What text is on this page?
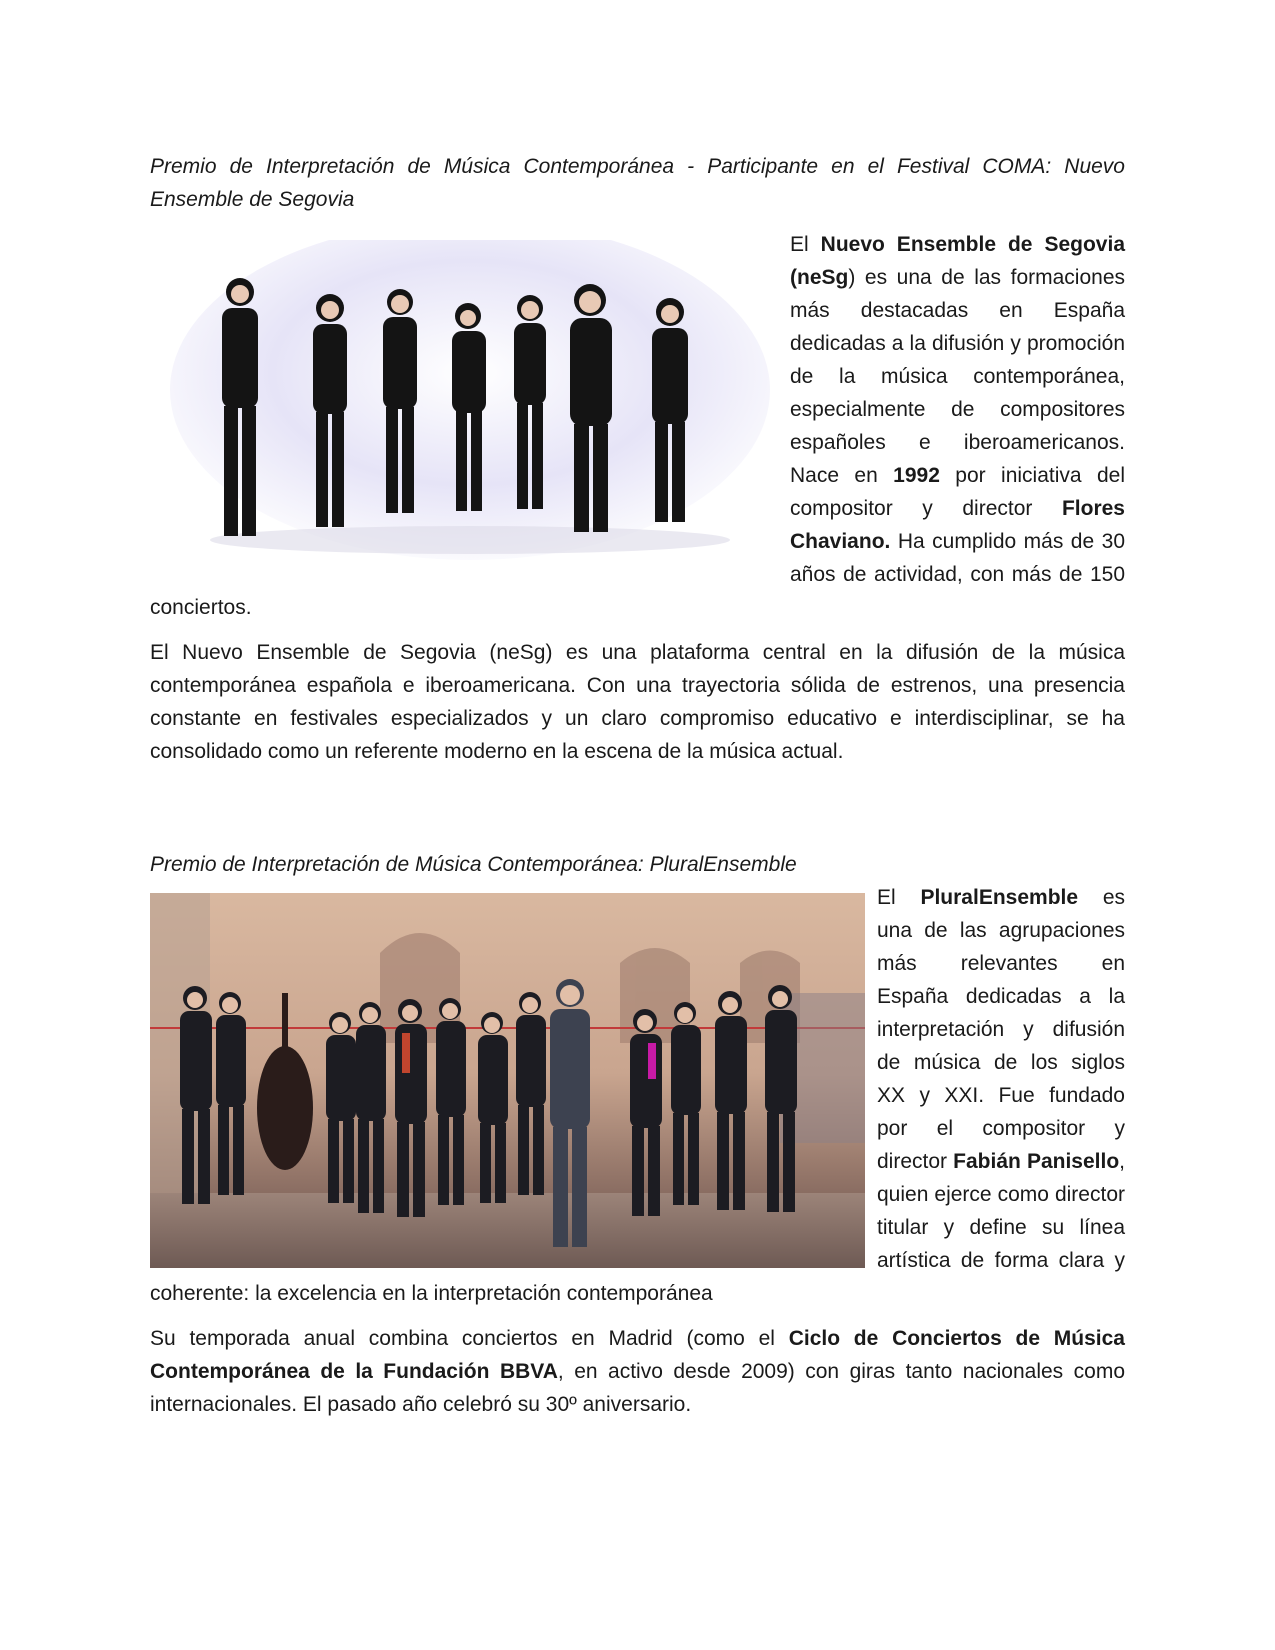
Premio de Interpretación de Música Contemporánea - Participante en el Festival COMA: Nuevo Ensemble de Segovia

El Nuevo Ensemble de Segovia (neSg) es una de las formaciones más destacadas en España dedicadas a la difusión y promoción de la música contemporánea, especialmente de compositores españoles e iberoamericanos. Nace en 1992 por iniciativa del compositor y director Flores Chaviano. Ha cumplido más de 30 años de actividad, con más de 150 conciertos.

El Nuevo Ensemble de Segovia (neSg) es una plataforma central en la difusión de la música contemporánea española e iberoamericana. Con una trayectoria sólida de estrenos, una presencia constante en festivales especializados y un claro compromiso educativo e interdisciplinar, se ha consolidado como un referente moderno en la escena de la música actual.

Premio de Interpretación de Música Contemporánea: PluralEnsemble

El PluralEnsemble es una de las agrupaciones más relevantes en España dedicadas a la interpretación y difusión de música de los siglos XX y XXI. Fue fundado por el compositor y director Fabián Panisello, quien ejerce como director titular y define su línea artística de forma clara y coherente: la excelencia en la interpretación contemporánea

Su temporada anual combina conciertos en Madrid (como el Ciclo de Conciertos de Música Contemporánea de la Fundación BBVA, en activo desde 2009) con giras tanto nacionales como internacionales. El pasado año celebró su 30º aniversario.
